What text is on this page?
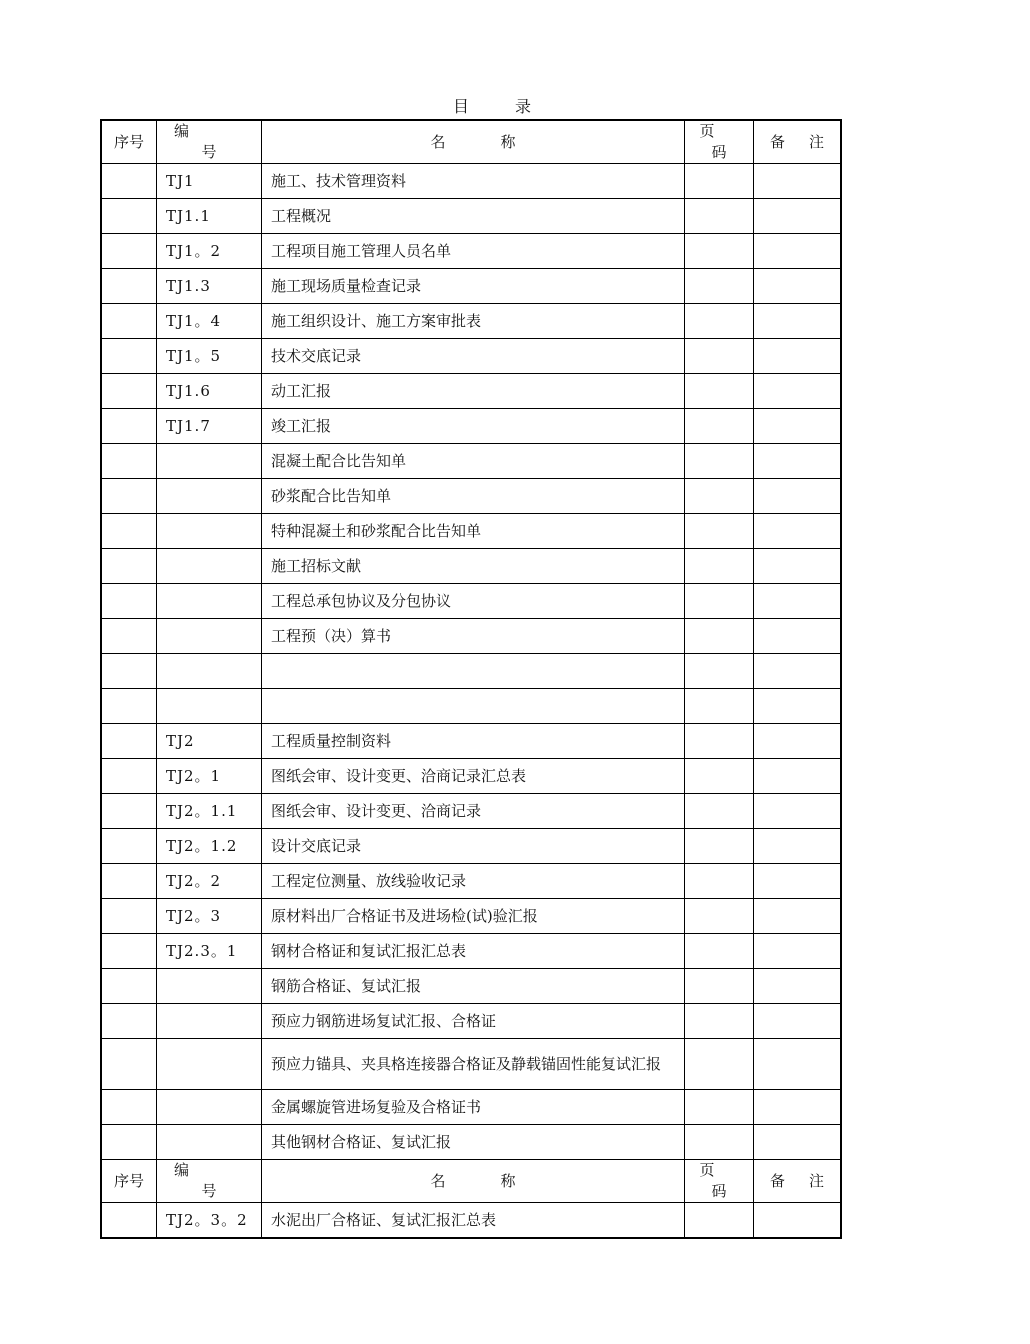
目录
序号	编号	名称	页码	备注
	TJ1	施工、技术管理资料		
	TJ1.1	工程概况		
	TJ1。2	工程项目施工管理人员名单		
	TJ1.3	施工现场质量检查记录		
	TJ1。4	施工组织设计、施工方案审批表		
	TJ1。5	技术交底记录		
	TJ1.6	动工汇报		
	TJ1.7	竣工汇报		
		混凝土配合比告知单		
		砂浆配合比告知单		
		特种混凝土和砂浆配合比告知单		
		施工招标文献		
		工程总承包协议及分包协议		
		工程预（决）算书		

	TJ2	工程质量控制资料		
	TJ2。1	图纸会审、设计变更、洽商记录汇总表		
	TJ2。1.1	图纸会审、设计变更、洽商记录		
	TJ2。1.2	设计交底记录		
	TJ2。2	工程定位测量、放线验收记录		
	TJ2。3	原材料出厂合格证书及进场检(试)验汇报		
	TJ2.3。1	钢材合格证和复试汇报汇总表		
		钢筋合格证、复试汇报		
		预应力钢筋进场复试汇报、合格证		
		预应力锚具、夹具格连接器合格证及静载锚固性能复试汇报		
		金属螺旋管进场复验及合格证书		
		其他钢材合格证、复试汇报		
序号	编号	名称	页码	备注
	TJ2。3。2	水泥出厂合格证、复试汇报汇总表		
